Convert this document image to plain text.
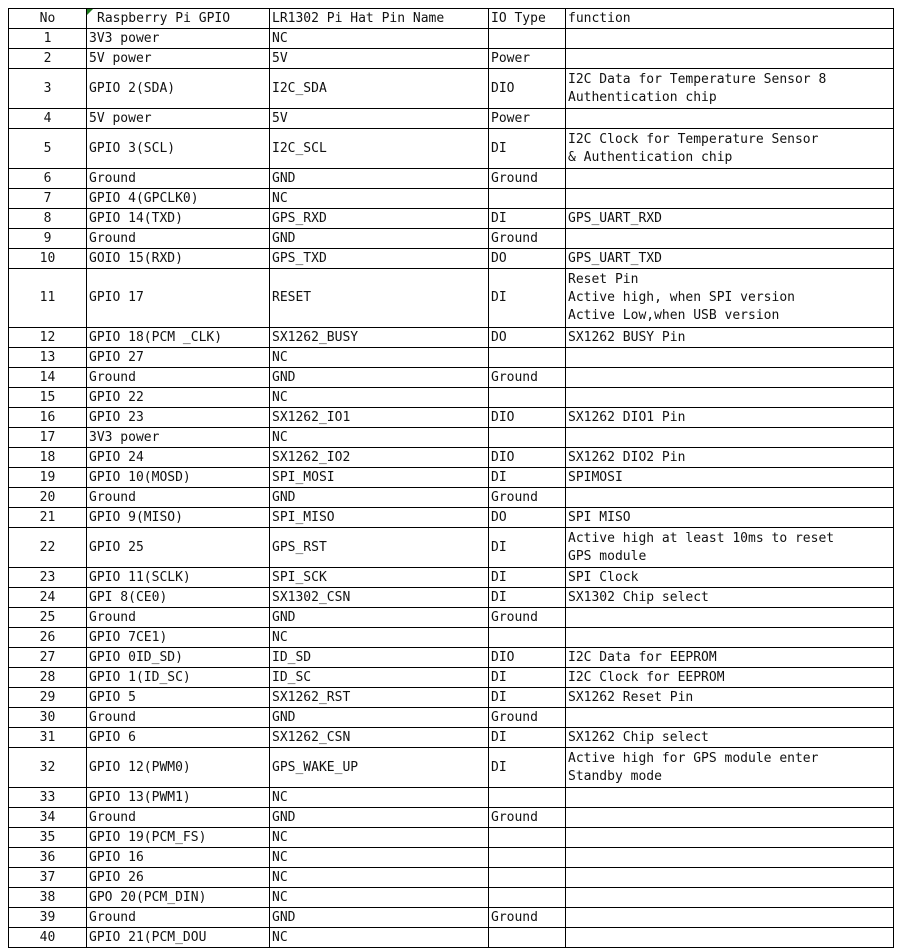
No	Raspberry Pi GPIO	LR1302 Pi Hat Pin Name	IO Type	function
1	3V3 power	NC		
2	5V power	5V	Power	
3	GPIO 2(SDA)	I2C_SDA	DIO	I2C Data for Temperature Sensor 8
Authentication chip
4	5V power	5V	Power	
5	GPIO 3(SCL)	I2C_SCL	DI	I2C Clock for Temperature Sensor
& Authentication chip
6	Ground	GND	Ground	
7	GPIO 4(GPCLK0)	NC		
8	GPIO 14(TXD)	GPS_RXD	DI	GPS_UART_RXD
9	Ground	GND	Ground	
10	GOIO 15(RXD)	GPS_TXD	DO	GPS_UART_TXD
11	GPIO 17	RESET	DI	Reset Pin
Active high, when SPI version
Active Low,when USB version
12	GPIO 18(PCM _CLK)	SX1262_BUSY	DO	SX1262 BUSY Pin
13	GPIO 27	NC		
14	Ground	GND	Ground	
15	GPIO 22	NC		
16	GPIO 23	SX1262_IO1	DIO	SX1262 DIO1 Pin
17	3V3 power	NC		
18	GPIO 24	SX1262_IO2	DIO	SX1262 DIO2 Pin
19	GPIO 10(MOSD)	SPI_MOSI	DI	SPIMOSI
20	Ground	GND	Ground	
21	GPIO 9(MISO)	SPI_MISO	DO	SPI MISO
22	GPIO 25	GPS_RST	DI	Active high at least 10ms to reset
GPS module
23	GPIO 11(SCLK)	SPI_SCK	DI	SPI Clock
24	GPI 8(CE0)	SX1302_CSN	DI	SX1302 Chip select
25	Ground	GND	Ground	
26	GPIO 7CE1)	NC		
27	GPIO 0ID_SD)	ID_SD	DIO	I2C Data for EEPROM
28	GPIO 1(ID_SC)	ID_SC	DI	I2C Clock for EEPROM
29	GPIO 5	SX1262_RST	DI	SX1262 Reset Pin
30	Ground	GND	Ground	
31	GPIO 6	SX1262_CSN	DI	SX1262 Chip select
32	GPIO 12(PWM0)	GPS_WAKE_UP	DI	Active high for GPS module enter
Standby mode
33	GPIO 13(PWM1)	NC		
34	Ground	GND	Ground	
35	GPIO 19(PCM_FS)	NC		
36	GPIO 16	NC		
37	GPIO 26	NC		
38	GPO 20(PCM_DIN)	NC		
39	Ground	GND	Ground	
40	GPIO 21(PCM_DOU	NC		
